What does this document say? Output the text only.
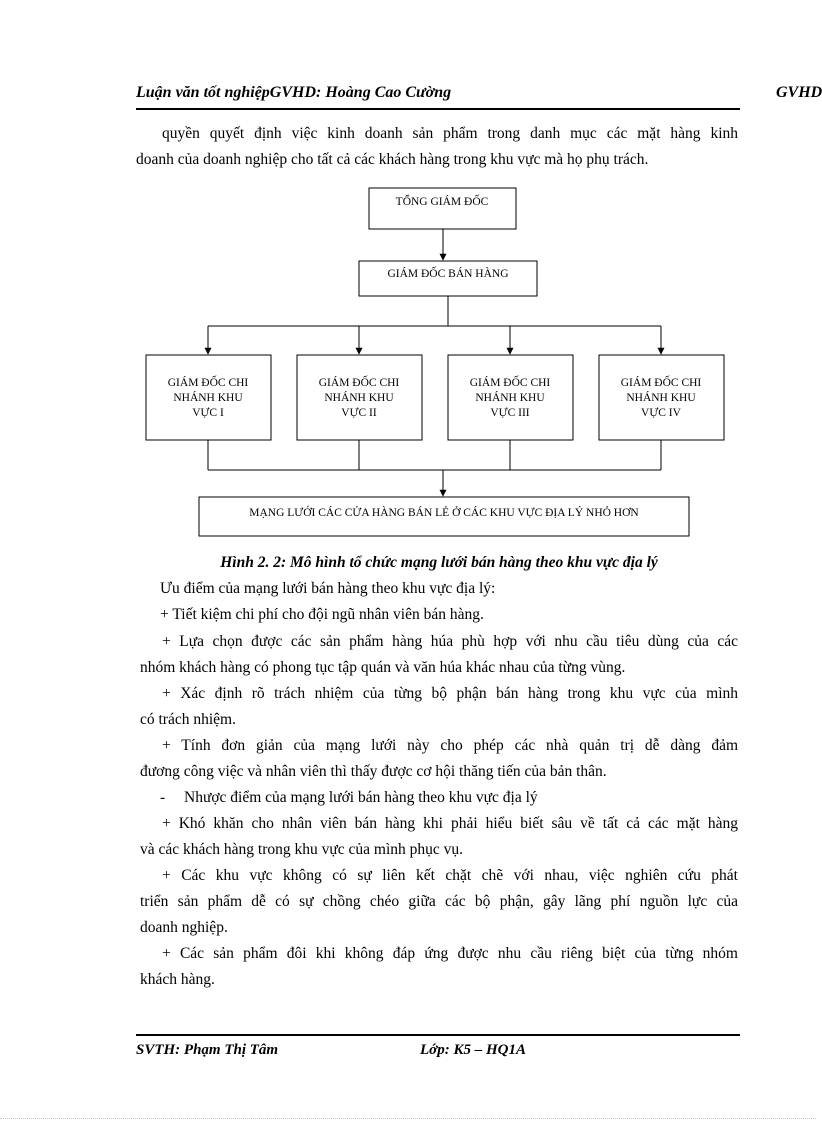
Luận văn tốt nghiệpGVHD: Hoàng Cao Cường	GVHD
quyền quyết định việc kinh doanh sản phẩm trong danh mục các mặt hàng kinh
doanh của doanh nghiệp cho tất cả các khách hàng trong khu vực mà họ phụ trách.
TỔNG GIÁM ĐỐC
GIÁM ĐỐC BÁN HÀNG
GIÁM ĐỐC CHI
NHÁNH KHU
VỰC I
GIÁM ĐỐC CHI
NHÁNH KHU
VỰC II
GIÁM ĐỐC CHI
NHÁNH KHU
VỰC III
GIÁM ĐỐC CHI
NHÁNH KHU
VỰC IV
MẠNG LƯỚI CÁC CỬA HÀNG BÁN LẺ Ở CÁC KHU VỰC ĐỊA LÝ NHỎ HƠN
Hình 2. 2: Mô hình tổ chức mạng lưới bán hàng theo khu vực địa lý
Ưu điểm của mạng lưới bán hàng theo khu vực địa lý:
+ Tiết kiệm chi phí cho đội ngũ nhân viên bán hàng.
+ Lựa chọn được các sản phẩm hàng húa phù hợp với nhu cầu tiêu dùng của các
nhóm khách hàng có phong tục tập quán và văn húa khác nhau của từng vùng.
+ Xác định rõ trách nhiệm của từng bộ phận bán hàng trong khu vực của mình
có trách nhiệm.
+ Tính đơn giản của mạng lưới này cho phép các nhà quản trị dễ dàng đảm
đương công việc và nhân viên thì thấy được cơ hội thăng tiến của bản thân.
-	Nhược điểm của mạng lưới bán hàng theo khu vực địa lý
+ Khó khăn cho nhân viên bán hàng khi phải hiểu biết sâu về tất cả các mặt hàng
và các khách hàng trong khu vực của mình phục vụ.
+ Các khu vực không có sự liên kết chặt chẽ với nhau, việc nghiên cứu phát
triển sản phẩm dễ có sự chồng chéo giữa các bộ phận, gây lãng phí nguồn lực của
doanh nghiệp.
+ Các sản phẩm đôi khi không đáp ứng được nhu cầu riêng biệt của từng nhóm
khách hàng.
SVTH: Phạm Thị Tâm	Lớp: K5 – HQ1A
